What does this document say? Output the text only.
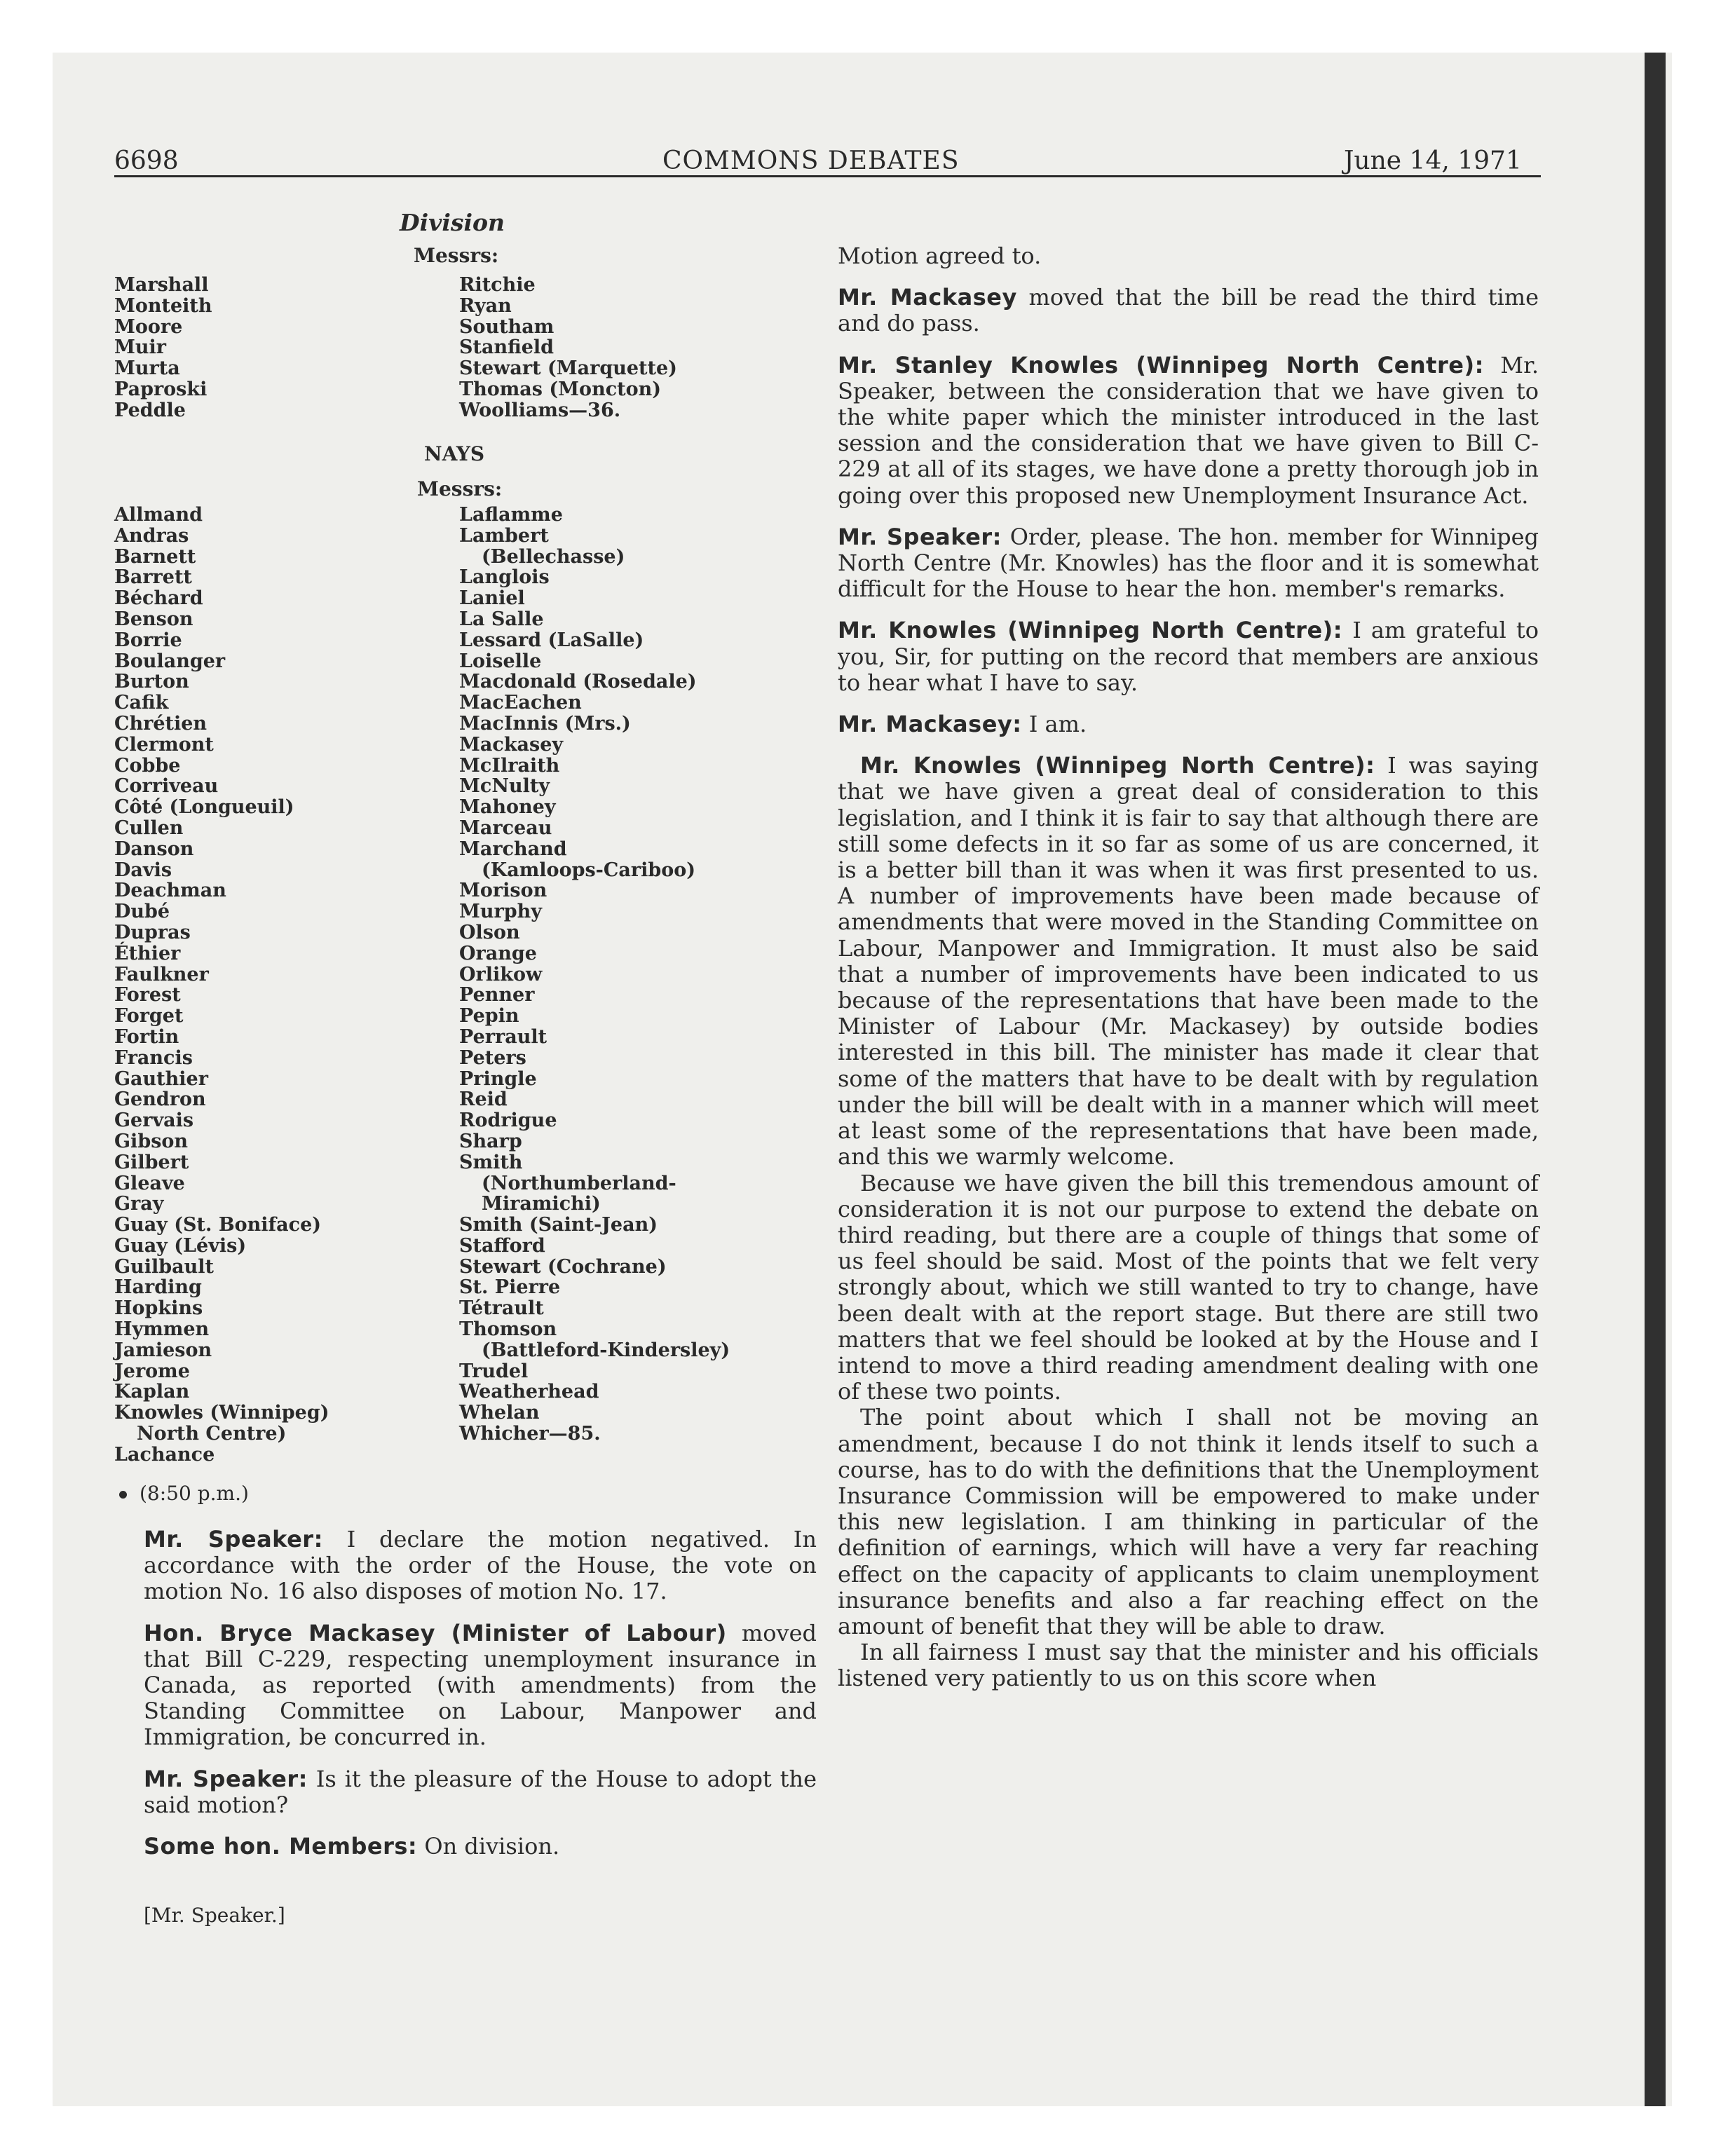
6698	COMMONS DEBATES	June 14, 1971
Division
Messrs:
Marshall
Monteith
Moore
Muir
Murta
Paproski
Peddle
Ritchie
Ryan
Southam
Stanfield
Stewart (Marquette)
Thomas (Moncton)
Woolliams—36.
NAYS
Messrs:
Allmand
Andras
Barnett
Barrett
Béchard
Benson
Borrie
Boulanger
Burton
Cafik
Chrétien
Clermont
Cobbe
Corriveau
Côté (Longueuil)
Cullen
Danson
Davis
Deachman
Dubé
Dupras
Éthier
Faulkner
Forest
Forget
Fortin
Francis
Gauthier
Gendron
Gervais
Gibson
Gilbert
Gleave
Gray
Guay (St. Boniface)
Guay (Lévis)
Guilbault
Harding
Hopkins
Hymmen
Jamieson
Jerome
Kaplan
Knowles (Winnipeg)
North Centre)
Lachance
Laflamme
Lambert
(Bellechasse)
Langlois
Laniel
La Salle
Lessard (LaSalle)
Loiselle
Macdonald (Rosedale)
MacEachen
MacInnis (Mrs.)
Mackasey
McIlraith
McNulty
Mahoney
Marceau
Marchand
(Kamloops-Cariboo)
Morison
Murphy
Olson
Orange
Orlikow
Penner
Pepin
Perrault
Peters
Pringle
Reid
Rodrigue
Sharp
Smith
(Northumberland-
Miramichi)
Smith (Saint-Jean)
Stafford
Stewart (Cochrane)
St. Pierre
Tétrault
Thomson
(Battleford-Kindersley)
Trudel
Weatherhead
Whelan
Whicher—85.
(8:50 p.m.)

Mr. Speaker: I declare the motion negatived. In accordance with the order of the House, the vote on motion No. 16 also disposes of motion No. 17.

Hon. Bryce Mackasey (Minister of Labour) moved that Bill C-229, respecting unemployment insurance in Canada, as reported (with amendments) from the Standing Committee on Labour, Manpower and Immigration, be concurred in.

Mr. Speaker: Is it the pleasure of the House to adopt the said motion?

Some hon. Members: On division.

[Mr. Speaker.]

Motion agreed to.

Mr. Mackasey moved that the bill be read the third time and do pass.

Mr. Stanley Knowles (Winnipeg North Centre): Mr. Speaker, between the consideration that we have given to the white paper which the minister introduced in the last session and the consideration that we have given to Bill C-229 at all of its stages, we have done a pretty thorough job in going over this proposed new Unemployment Insurance Act.

Mr. Speaker: Order, please. The hon. member for Winnipeg North Centre (Mr. Knowles) has the floor and it is somewhat difficult for the House to hear the hon. member's remarks.

Mr. Knowles (Winnipeg North Centre): I am grateful to you, Sir, for putting on the record that members are anxious to hear what I have to say.

Mr. Mackasey: I am.

Mr. Knowles (Winnipeg North Centre): I was saying that we have given a great deal of consideration to this legislation, and I think it is fair to say that although there are still some defects in it so far as some of us are concerned, it is a better bill than it was when it was first presented to us. A number of improvements have been made because of amendments that were moved in the Standing Committee on Labour, Manpower and Immigration. It must also be said that a number of improvements have been indicated to us because of the representations that have been made to the Minister of Labour (Mr. Mackasey) by outside bodies interested in this bill. The minister has made it clear that some of the matters that have to be dealt with by regulation under the bill will be dealt with in a manner which will meet at least some of the representations that have been made, and this we warmly welcome.

Because we have given the bill this tremendous amount of consideration it is not our purpose to extend the debate on third reading, but there are a couple of things that some of us feel should be said. Most of the points that we felt very strongly about, which we still wanted to try to change, have been dealt with at the report stage. But there are still two matters that we feel should be looked at by the House and I intend to move a third reading amendment dealing with one of these two points.

The point about which I shall not be moving an amendment, because I do not think it lends itself to such a course, has to do with the definitions that the Unemployment Insurance Commission will be empowered to make under this new legislation. I am thinking in particular of the definition of earnings, which will have a very far reaching effect on the capacity of applicants to claim unemployment insurance benefits and also a far reaching effect on the amount of benefit that they will be able to draw.

In all fairness I must say that the minister and his officials listened very patiently to us on this score when
